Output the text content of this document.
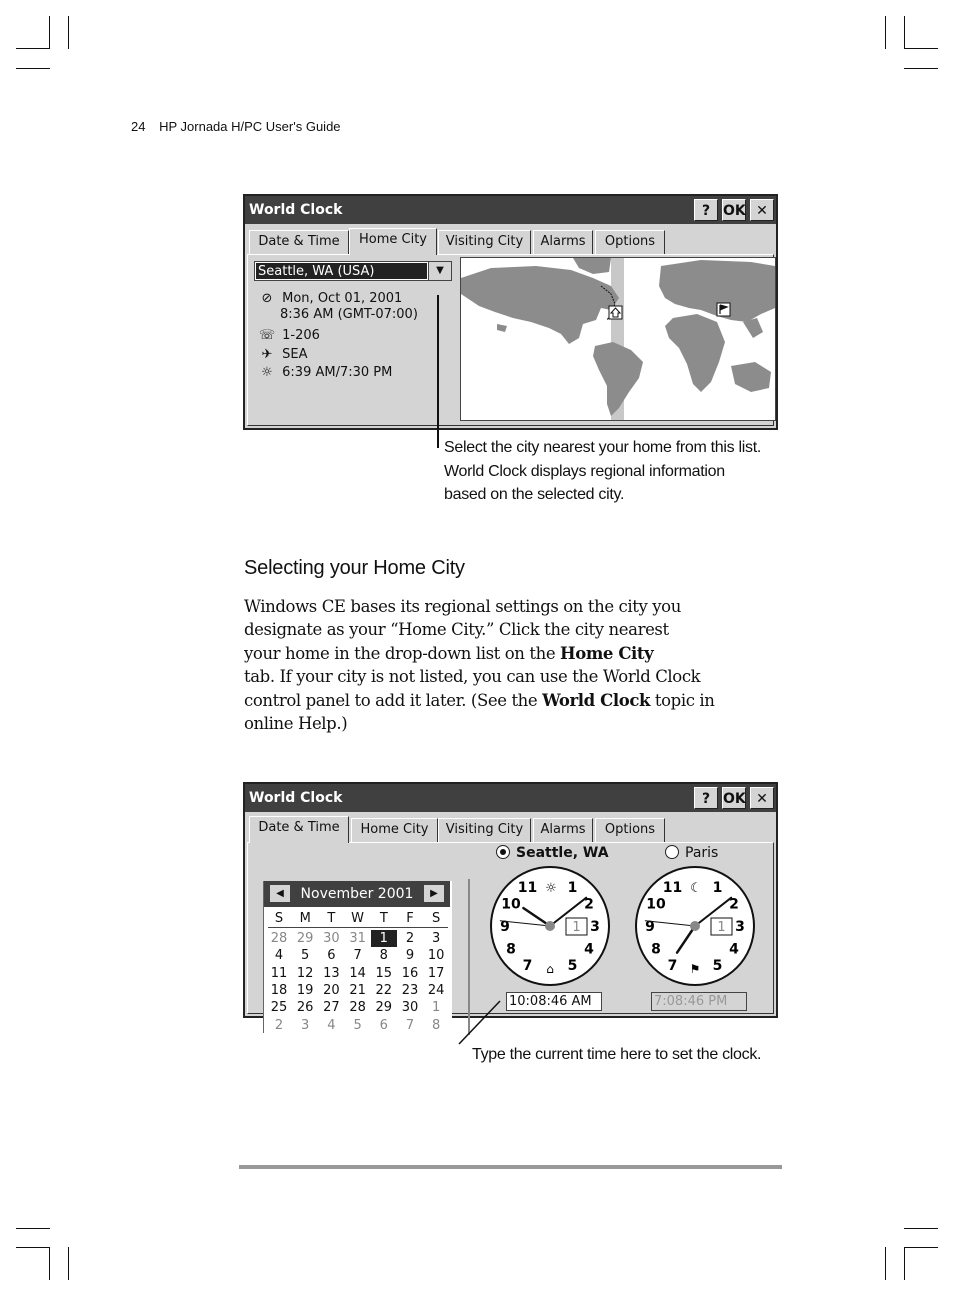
24 HP Jornada H/PC User's Guide
World Clock	? OK ✕
Date & Time	Home City	Visiting City	Alarms	Options
Seattle, WA (USA)	▼
⊘ Mon, Oct 01, 2001
8:36 AM (GMT-07:00)
☏ 1-206
✈ SEA
☼ 6:39 AM/7:30 PM
Select the city nearest your home from this list.
World Clock displays regional information
based on the selected city.
Selecting your Home City
Windows CE bases its regional settings on the city you
designate as your “Home City.” Click the city nearest
your home in the drop-down list on the Home City
tab. If your city is not listed, you can use the World Clock
control panel to add it later. (See the World Clock topic in
online Help.)
World Clock	? OK ✕
Date & Time	Home City	Visiting City	Alarms	Options
◀	November 2001	▶
S	M	T	W	T	F	S
28 29 30 31	1	2	3
4	5	6	7	8	9	10
11 12 13 14 15 16 17
18 19 20 21 22 23 24
25 26 27 28 29 30	1
2	3	4	5	6	7	8
Seattle, WA	Paris
1
2
3
4
5
7
8
9
10
11
1
☼
⌂
1
2
3
4
5
7
8
9
10
11
1
☾
⚑
10:08:46 AM	7:08:46 PM
Type the current time here to set the clock.
